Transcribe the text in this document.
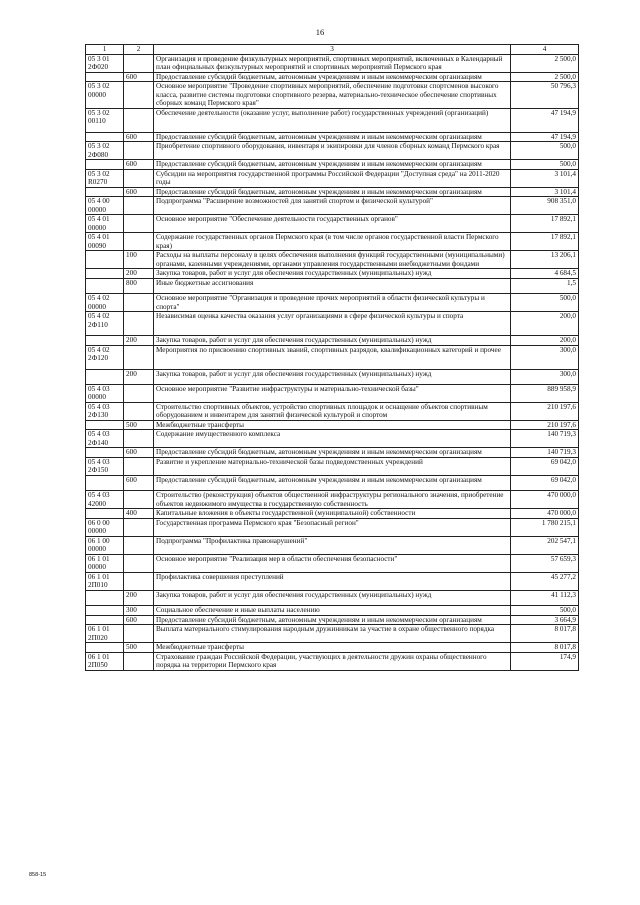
16
1	2	3	4
05 3 01 2Ф020		Организация и проведение физкультурных мероприятий, спортивных мероприятий, включенных в Календарный план официальных физкультурных мероприятий и спортивных мероприятий Пермского края	2 500,0
	600	Предоставление субсидий бюджетным, автономным учреждениям и иным некоммерческим организациям	2 500,0
05 3 02 00000		Основное мероприятие "Проведение спортивных мероприятий, обеспечение подготовки спортсменов высокого класса, развитие системы подготовки спортивного резерва, материально-техническое обеспечение спортивных сборных команд Пермского края"	50 796,3
05 3 02 00110		Обеспечение деятельности (оказание услуг, выполнение работ) государственных учреждений (организаций)	47 194,9
	600	Предоставление субсидий бюджетным, автономным учреждениям и иным некоммерческим организациям	47 194,9
05 3 02 2Ф080		Приобретение спортивного оборудования, инвентаря и экипировки для членов сборных команд Пермского края	500,0
	600	Предоставление субсидий бюджетным, автономным учреждениям и иным некоммерческим организациям	500,0
05 3 02 R0270		Субсидии на мероприятия государственной программы Российской Федерации "Доступная среда" на 2011-2020 годы	3 101,4
	600	Предоставление субсидий бюджетным, автономным учреждениям и иным некоммерческим организациям	3 101,4
05 4 00 00000		Подпрограмма "Расширение возможностей для занятий спортом и физической культурой"	908 351,0
05 4 01 00000		Основное мероприятие "Обеспечение деятельности государственных органов"	17 892,1
05 4 01 00090		Содержание государственных органов Пермского края (в том числе органов государственной власти Пермского края)	17 892,1
	100	Расходы на выплаты персоналу в целях обеспечения выполнения функций государственными (муниципальными) органами, казенными учреждениями, органами управления государственными внебюджетными фондами	13 206,1
	200	Закупка товаров, работ и услуг для обеспечения государственных (муниципальных) нужд	4 684,5
	800	Иные бюджетные ассигнования	1,5
05 4 02 00000		Основное мероприятие "Организация и проведение прочих мероприятий в области физической культуры и спорта"	500,0
05 4 02 2Ф110		Независимая оценка качества оказания услуг организациями в сфере физической культуры и спорта	200,0
	200	Закупка товаров, работ и услуг для обеспечения государственных (муниципальных) нужд	200,0
05 4 02 2Ф120		Мероприятия по присвоению спортивных званий, спортивных разрядов, квалификационных категорий и прочее	300,0
	200	Закупка товаров, работ и услуг для обеспечения государственных (муниципальных) нужд	300,0
05 4 03 00000		Основное мероприятие "Развитие инфраструктуры и материально-технической базы"	889 958,9
05 4 03 2Ф130		Строительство спортивных объектов, устройство спортивных площадок и оснащение объектов спортивным оборудованием и инвентарем для занятий физической культурой и спортом	210 197,6
	500	Межбюджетные трансферты	210 197,6
05 4 03 2Ф140		Содержание имущественного комплекса	140 719,3
	600	Предоставление субсидий бюджетным, автономным учреждениям и иным некоммерческим организациям	140 719,3
05 4 03 2Ф150		Развитие и укрепление материально-технической базы подведомственных учреждений	69 042,0
	600	Предоставление субсидий бюджетным, автономным учреждениям и иным некоммерческим организациям	69 042,0
05 4 03 42000		Строительство (реконструкция) объектов общественной инфраструктуры регионального значения, приобретение объектов недвижимого имущества в государственную собственность	470 000,0
	400	Капитальные вложения в объекты государственной (муниципальной) собственности	470 000,0
06 0 00 00000		Государственная программа Пермского края "Безопасный регион"	1 780 215,1
06 1 00 00000		Подпрограмма "Профилактика правонарушений"	202 547,1
06 1 01 00000		Основное мероприятие "Реализация мер в области обеспечения безопасности"	57 659,3
06 1 01 2П010		Профилактика совершения преступлений	45 277,2
	200	Закупка товаров, работ и услуг для обеспечения государственных (муниципальных) нужд	41 112,3
	300	Социальное обеспечение и иные выплаты населению	500,0
	600	Предоставление субсидий бюджетным, автономным учреждениям и иным некоммерческим организациям	3 664,9
06 1 01 2П020		Выплата материального стимулирования народным дружинникам за участие в охране общественного порядка	8 017,8
	500	Межбюджетные трансферты	8 017,8
06 1 01 2П050		Страхование граждан Российской Федерации, участвующих в деятельности дружин охраны общественного порядка на территории Пермского края	174,9
858-15
